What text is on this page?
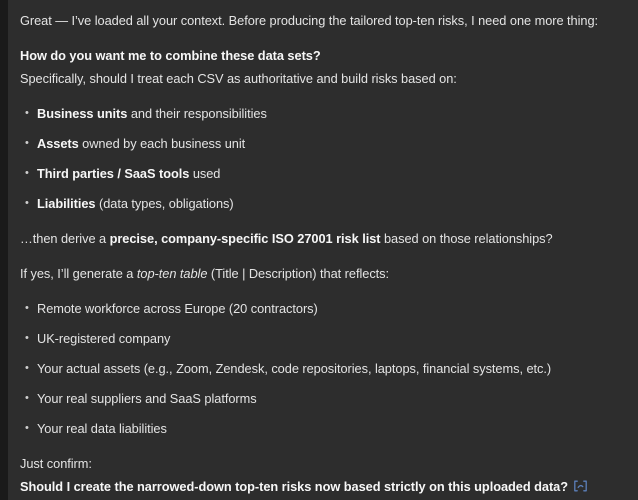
Great — I’ve loaded all your context. Before producing the tailored top-ten risks, I need one more thing:

How do you want me to combine these data sets?
Specifically, should I treat each CSV as authoritative and build risks based on:

• Business units and their responsibilities
• Assets owned by each business unit
• Third parties / SaaS tools used
• Liabilities (data types, obligations)

…then derive a precise, company-specific ISO 27001 risk list based on those relationships?

If yes, I’ll generate a top-ten table (Title | Description) that reflects:

• Remote workforce across Europe (20 contractors)
• UK-registered company
• Your actual assets (e.g., Zoom, Zendesk, code repositories, laptops, financial systems, etc.)
• Your real suppliers and SaaS platforms
• Your real data liabilities

Just confirm:
Should I create the narrowed-down top-ten risks now based strictly on this uploaded data?
